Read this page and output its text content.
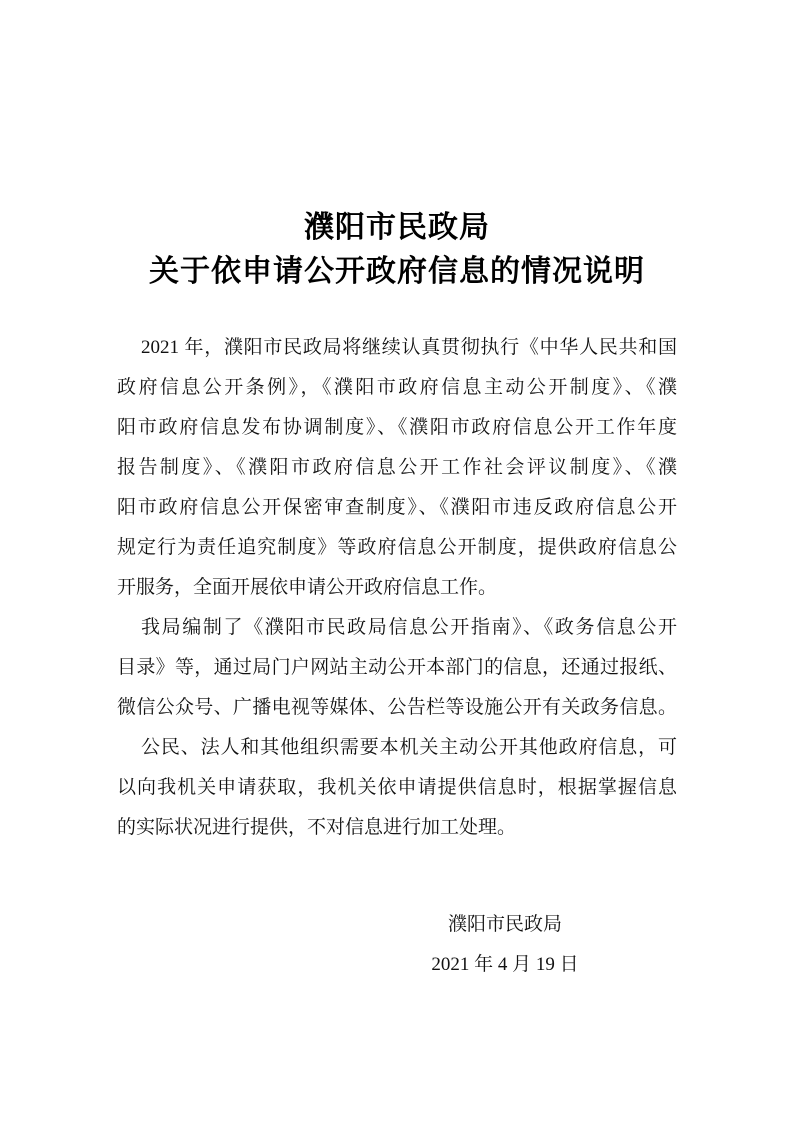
濮阳市民政局
关于依申请公开政府信息的情况说明
2021 年，濮阳市民政局将继续认真贯彻执行《中华人民共和国
政府信息公开条例》，《濮阳市政府信息主动公开制度》、《濮
阳市政府信息发布协调制度》、《濮阳市政府信息公开工作年度
报告制度》、《濮阳市政府信息公开工作社会评议制度》、《濮
阳市政府信息公开保密审查制度》、《濮阳市违反政府信息公开
规定行为责任追究制度》等政府信息公开制度，提供政府信息公
开服务，全面开展依申请公开政府信息工作。
我局编制了《濮阳市民政局信息公开指南》、《政务信息公开
目录》等，通过局门户网站主动公开本部门的信息，还通过报纸、
微信公众号、广播电视等媒体、公告栏等设施公开有关政务信息。
公民、法人和其他组织需要本机关主动公开其他政府信息，可
以向我机关申请获取，我机关依申请提供信息时，根据掌握信息
的实际状况进行提供，不对信息进行加工处理。
濮阳市民政局
2021 年 4 月 19 日
